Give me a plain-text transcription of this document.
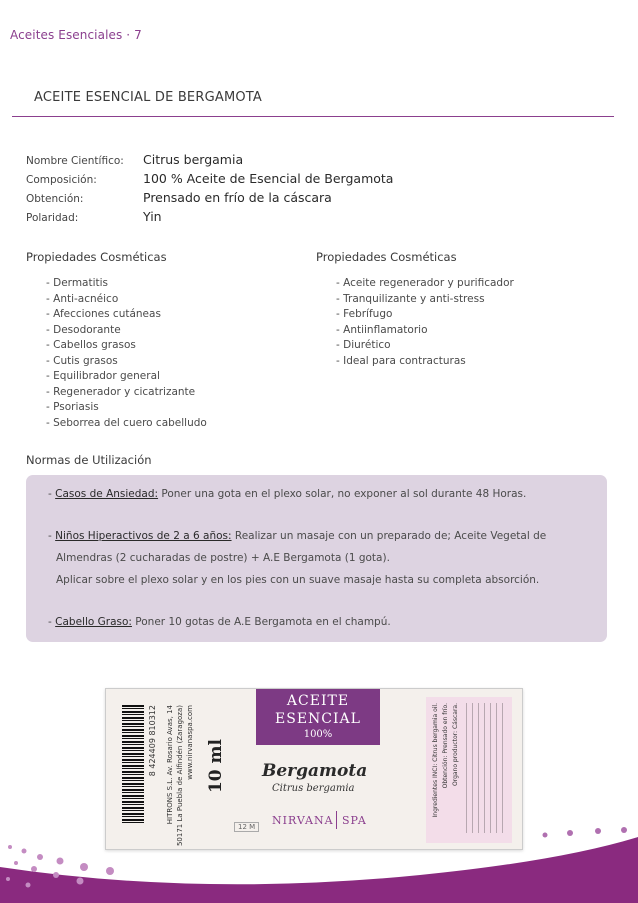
Aceites Esenciales · 7
ACEITE ESENCIAL DE BERGAMOTA
Nombre Científico:	Citrus bergamia
Composición:	100 % Aceite de Esencial de Bergamota
Obtención:	Prensado en frío de la cáscara
Polaridad:	Yin
Propiedades Cosméticas
- Dermatitis
- Anti-acnéico
- Afecciones cutáneas
- Desodorante
- Cabellos grasos
- Cutis grasos
- Equilibrador general
- Regenerador y cicatrizante
- Psoriasis
- Seborrea del cuero cabelludo
Propiedades Cosméticas
- Aceite regenerador y purificador
- Tranquilizante y anti-stress
- Febrífugo
- Antiinflamatorio
- Diurético
- Ideal para contracturas
Normas de Utilización
- Casos de Ansiedad: Poner una gota en el plexo solar, no exponer al sol durante 48 Horas.
- Niños Hiperactivos de 2 a 6 años: Realizar un masaje con un preparado de; Aceite Vegetal de
Almendras (2 cucharadas de postre) + A.E Bergamota (1 gota).
Aplicar sobre el plexo solar y en los pies con un suave masaje hasta su completa absorción.
- Cabello Graso: Poner 10 gotas de A.E Bergamota en el champú.
8 424409 810312 HITRONS S.L. Av. Rosario Avas, 14 50171 La Puebla de Alfindén (Zaragoza) www.nirvanaspa.com 10 ml
12 M
ACEITE
ESENCIAL
100%
Bergamota
Citrus bergamia
NIRVANA SPA
Ingredientes INCI: Citrus bergamia oil. Obtención: Prensado en frío. Órgano productor: Cáscara.
